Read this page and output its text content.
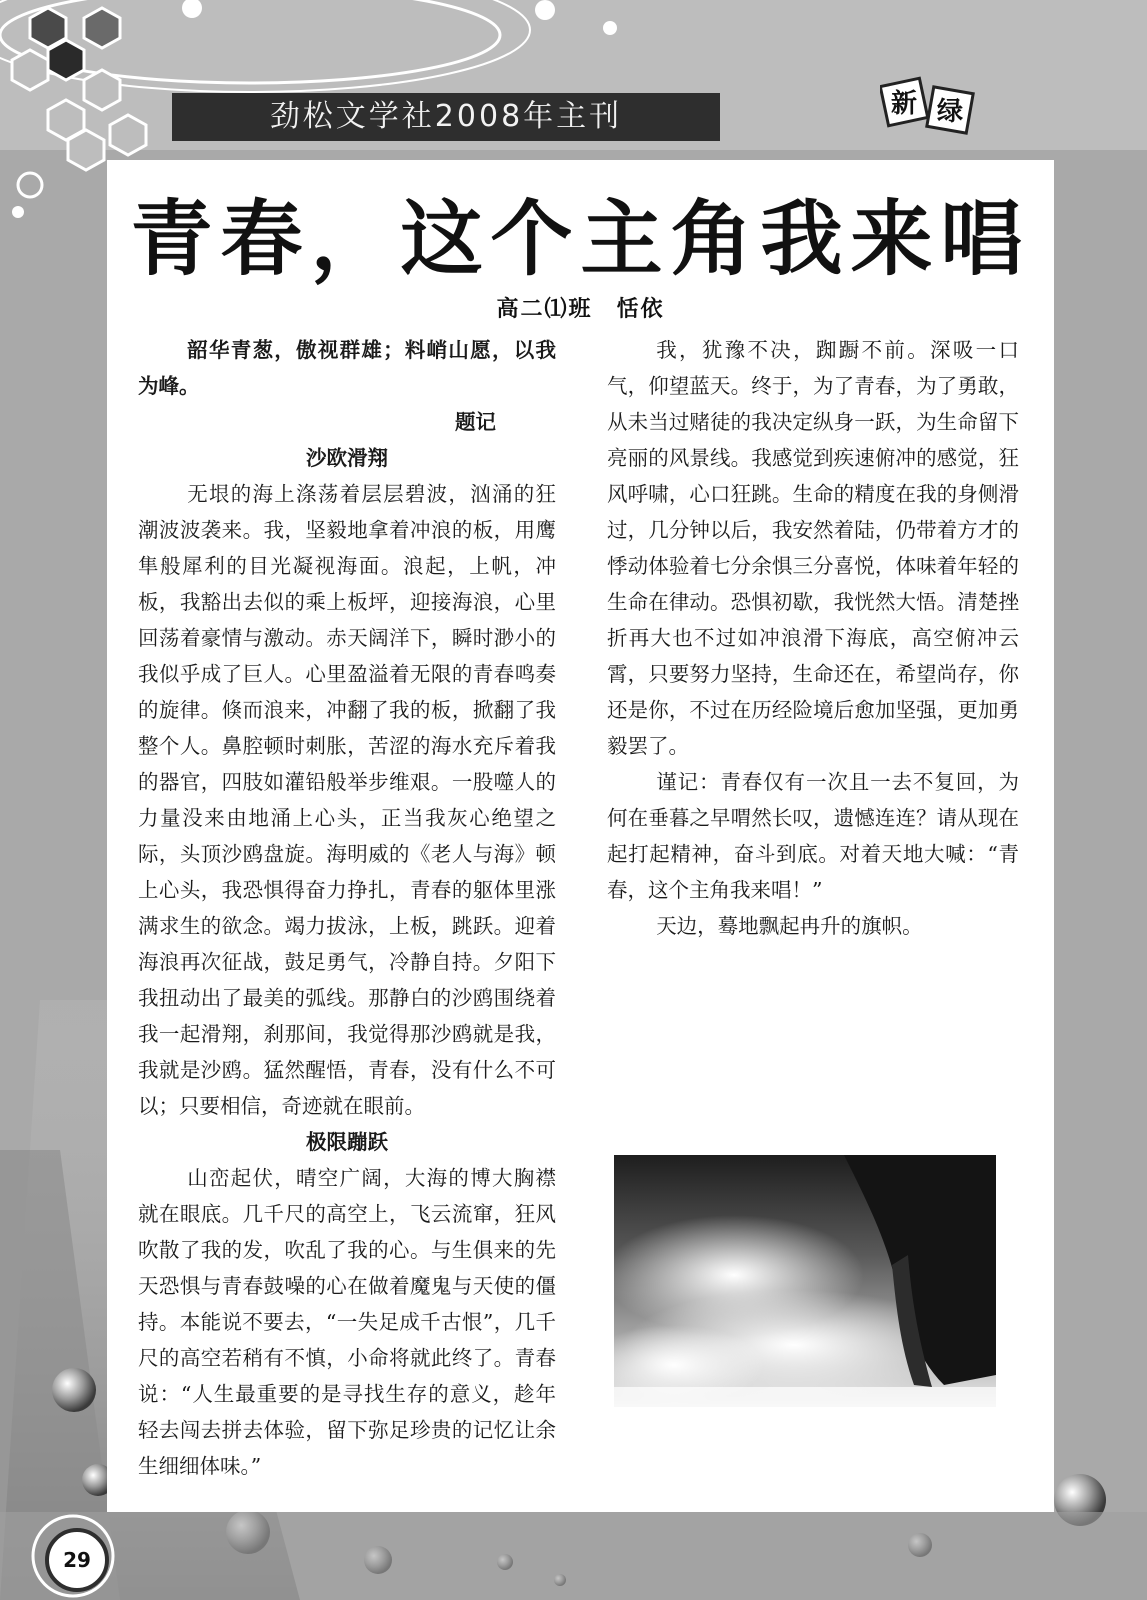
劲松文学社2008年主刊	新 绿
青春，这个主角我来唱
高二⑴班　恬依

韶华青葱，傲视群雄；料峭山愿，以我为峰。

题记

沙欧滑翔

无垠的海上涤荡着层层碧波，汹涌的狂潮波波袭来。我，坚毅地拿着冲浪的板，用鹰隼般犀利的目光凝视海面。浪起，上帆，冲板，我豁出去似的乘上板坪，迎接海浪，心里回荡着豪情与激动。赤天阔洋下，瞬时渺小的我似乎成了巨人。心里盈溢着无限的青春鸣奏的旋律。倏而浪来，冲翻了我的板，掀翻了我整个人。鼻腔顿时刺胀，苦涩的海水充斥着我的器官，四肢如灌铅般举步维艰。一股噬人的力量没来由地涌上心头，正当我灰心绝望之际，头顶沙鸥盘旋。海明威的《老人与海》顿上心头，我恐惧得奋力挣扎，青春的躯体里涨满求生的欲念。竭力拔泳，上板，跳跃。迎着海浪再次征战，鼓足勇气，冷静自持。夕阳下我扭动出了最美的弧线。那静白的沙鸥围绕着我一起滑翔，刹那间，我觉得那沙鸥就是我，我就是沙鸥。猛然醒悟，青春，没有什么不可以；只要相信，奇迹就在眼前。

极限蹦跃

山峦起伏，晴空广阔，大海的博大胸襟就在眼底。几千尺的高空上，飞云流窜，狂风吹散了我的发，吹乱了我的心。与生俱来的先天恐惧与青春鼓噪的心在做着魔鬼与天使的僵持。本能说不要去，“一失足成千古恨”，几千尺的高空若稍有不慎，小命将就此终了。青春说：“人生最重要的是寻找生存的意义，趁年轻去闯去拼去体验，留下弥足珍贵的记忆让余生细细体味。”

我，犹豫不决，踟蹰不前。深吸一口气，仰望蓝天。终于，为了青春，为了勇敢，从未当过赌徒的我决定纵身一跃，为生命留下亮丽的风景线。我感觉到疾速俯冲的感觉，狂风呼啸，心口狂跳。生命的精度在我的身侧滑过，几分钟以后，我安然着陆，仍带着方才的悸动体验着七分余惧三分喜悦，体味着年轻的生命在律动。恐惧初歇，我恍然大悟。清楚挫折再大也不过如冲浪滑下海底，高空俯冲云霄，只要努力坚持，生命还在，希望尚存，你还是你，不过在历经险境后愈加坚强，更加勇毅罢了。

谨记：青春仅有一次且一去不复回，为何在垂暮之早喟然长叹，遗憾连连？请从现在起打起精神，奋斗到底。对着天地大喊：“青春，这个主角我来唱！”

天边，蓦地飘起冉升的旗帜。

29
